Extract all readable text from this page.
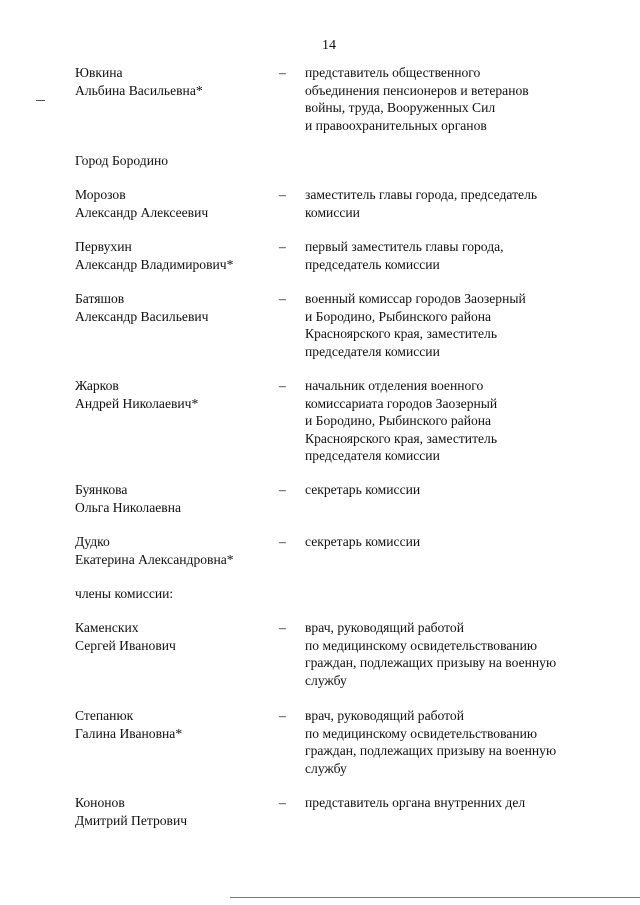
14
Ювкина
Альбина Васильевна*
– представитель общественного
объединения пенсионеров и ветеранов
войны, труда, Вооруженных Сил
и правоохранительных органов
Город Бородино
Морозов
Александр Алексеевич
– заместитель главы города, председатель
комиссии
Первухин
Александр Владимирович*
– первый заместитель главы города,
председатель комиссии
Батяшов
Александр Васильевич
– военный комиссар городов Заозерный
и Бородино, Рыбинского района
Красноярского края, заместитель
председателя комиссии
Жарков
Андрей Николаевич*
– начальник отделения военного
комиссариата городов Заозерный
и Бородино, Рыбинского района
Красноярского края, заместитель
председателя комиссии
Буянкова
Ольга Николаевна
– секретарь комиссии
Дудко
Екатерина Александровна*
– секретарь комиссии
члены комиссии:
Каменских
Сергей Иванович
– врач, руководящий работой
по медицинскому освидетельствованию
граждан, подлежащих призыву на военную
службу
Степанюк
Галина Ивановна*
– врач, руководящий работой
по медицинскому освидетельствованию
граждан, подлежащих призыву на военную
службу
Кононов
Дмитрий Петрович
– представитель органа внутренних дел
